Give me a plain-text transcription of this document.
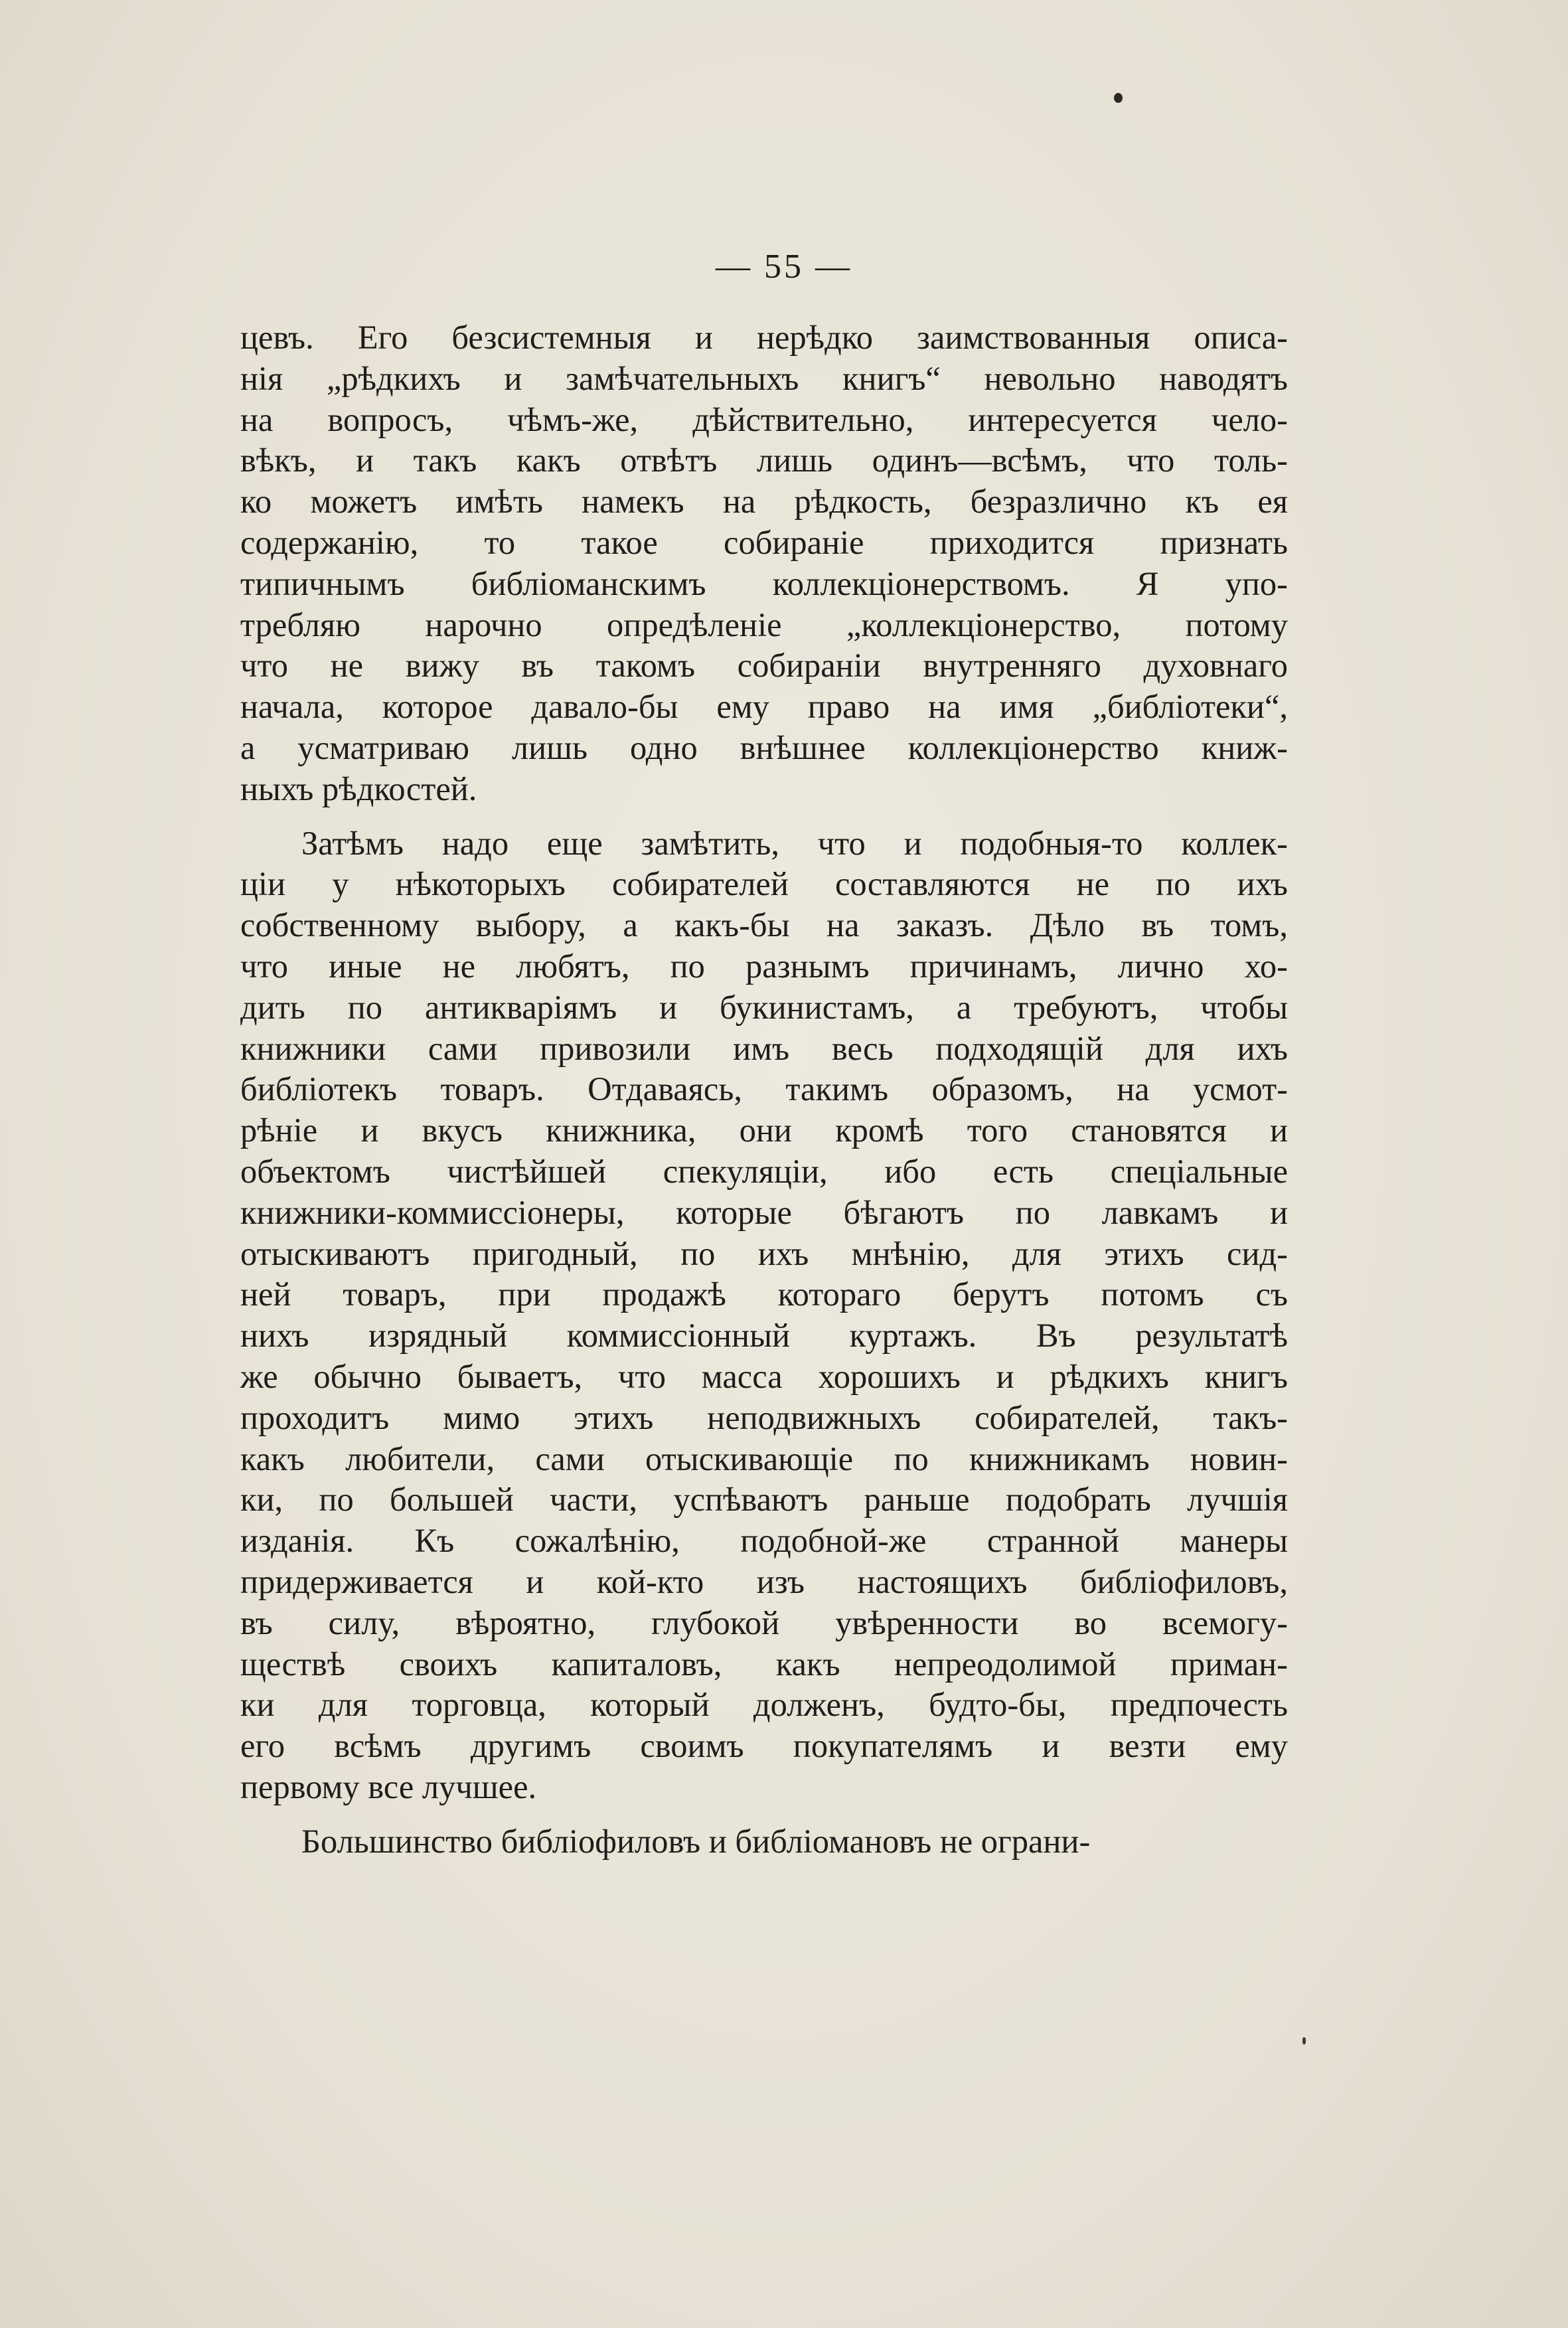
— 55 —
цевъ. Его безсистемныя и нерѣдко заимствованныя описа-
нія „рѣдкихъ и замѣчательныхъ книгъ“ невольно наводятъ
на вопросъ, чѣмъ-же, дѣйствительно, интересуется чело-
вѣкъ, и такъ какъ отвѣтъ лишь одинъ—всѣмъ, что толь-
ко можетъ имѣть намекъ на рѣдкость, безразлично къ ея
содержанію, то такое собираніе приходится признать
типичнымъ библіоманскимъ коллекціонерствомъ. Я упо-
требляю нарочно опредѣленіе „коллекціонерство, потому
что не вижу въ такомъ собираніи внутренняго духовнаго
начала, которое давало-бы ему право на имя „библіотеки“,
а усматриваю лишь одно внѣшнее коллекціонерство книж-
ныхъ рѣдкостей.
Затѣмъ надо еще замѣтить, что и подобныя-то коллек-
ціи у нѣкоторыхъ собирателей составляются не по ихъ
собственному выбору, а какъ-бы на заказъ. Дѣло въ томъ,
что иные не любятъ, по разнымъ причинамъ, лично хо-
дить по антикваріямъ и букинистамъ, а требуютъ, чтобы
книжники сами привозили имъ весь подходящій для ихъ
библіотекъ товаръ. Отдаваясь, такимъ образомъ, на усмот-
рѣніе и вкусъ книжника, они кромѣ того становятся и
объектомъ чистѣйшей спекуляціи, ибо есть спеціальные
книжники-коммиссіонеры, которые бѣгаютъ по лавкамъ и
отыскиваютъ пригодный, по ихъ мнѣнію, для этихъ сид-
ней товаръ, при продажѣ котораго берутъ потомъ съ
нихъ изрядный коммиссіонный куртажъ. Въ результатѣ
же обычно бываетъ, что масса хорошихъ и рѣдкихъ книгъ
проходитъ мимо этихъ неподвижныхъ собирателей, такъ-
какъ любители, сами отыскивающіе по книжникамъ новин-
ки, по большей части, успѣваютъ раньше подобрать лучшія
изданія. Къ сожалѣнію, подобной-же странной манеры
придерживается и кой-кто изъ настоящихъ библіофиловъ,
въ силу, вѣроятно, глубокой увѣренности во всемогу-
ществѣ своихъ капиталовъ, какъ непреодолимой приман-
ки для торговца, который долженъ, будто-бы, предпочесть
его всѣмъ другимъ своимъ покупателямъ и везти ему
первому все лучшее.
Большинство библіофиловъ и библіомановъ не ограни-
